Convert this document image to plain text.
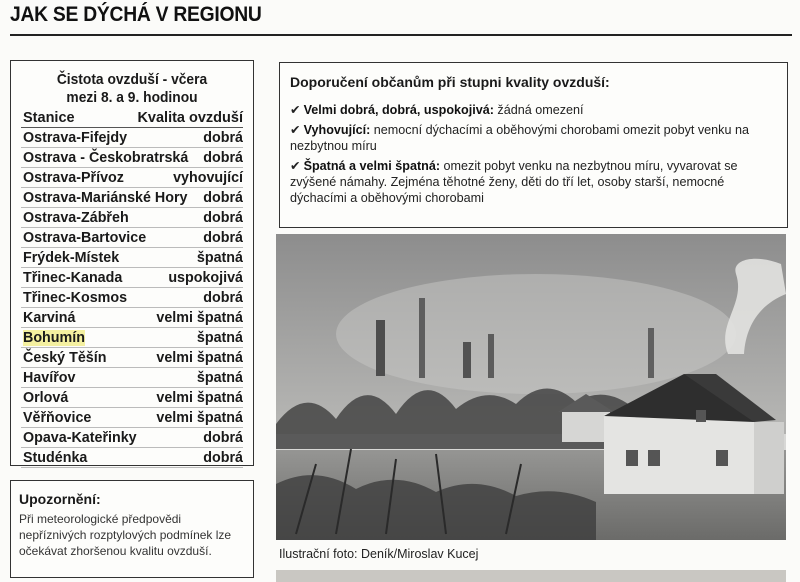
JAK SE DÝCHÁ V REGIONU
Čistota ovzduší - včera
mezi 8. a 9. hodinou
Stanice	Kvalita ovzduší
Ostrava-Fifejdy	dobrá
Ostrava - Českobratrská dobrá
Ostrava-Přívoz	vyhovující
Ostrava-Mariánské Hory dobrá
Ostrava-Zábřeh	dobrá
Ostrava-Bartovice	dobrá
Frýdek-Místek	špatná
Třinec-Kanada	uspokojivá
Třinec-Kosmos	dobrá
Karviná	velmi špatná
Bohumín	špatná
Český Těšín	velmi špatná
Havířov	špatná
Orlová	velmi špatná
Věřňovice	velmi špatná
Opava-Kateřinky	dobrá
Studénka	dobrá
Upozornění:
Při meteorologické předpovědi nepříznivých rozptylových podmínek lze očekávat zhoršenou kvalitu ovzduší.
Doporučení občanům při stupni kvality ovzduší:
✔ Velmi dobrá, dobrá, uspokojivá: žádná omezení
✔ Vyhovující: nemocní dýchacími a oběhovými chorobami omezit pobyt venku na nezbytnou míru
✔ Špatná a velmi špatná: omezit pobyt venku na nezbytnou míru, vyvarovat se zvýšené námahy. Zejména těhotné ženy, děti do tří let, osoby starší, nemocné dýchacími a oběhovými chorobami
Ilustrační foto: Deník/Miroslav Kucej
